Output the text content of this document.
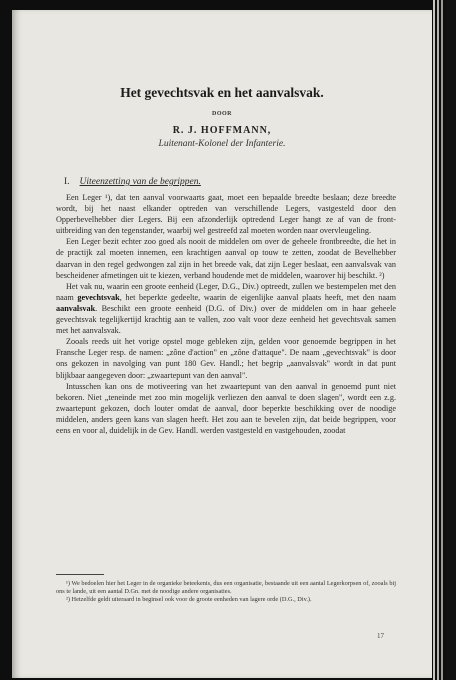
Het gevechtsvak en het aanvalsvak.
DOOR
R. J. HOFFMANN,
Luitenant-Kolonel der Infanterie.
I. Uiteenzetting van de begrippen.

Een Leger ¹), dat ten aanval voorwaarts gaat, moet een bepaalde breedte beslaan; deze breedte wordt, bij het naast elkander optreden van verschillende Legers, vastgesteld door den Opperbevelhebber dier Legers. Bij een afzonderlijk optredend Leger hangt ze af van de front-uitbreiding van den tegenstander, waarbij wel gestreefd zal moeten worden naar overvleugeling.

Een Leger bezit echter zoo goed als nooit de middelen om over de geheele frontbreedte, die het in de practijk zal moeten innemen, een krachtigen aanval op touw te zetten, zoodat de Bevelhebber daarvan in den regel gedwongen zal zijn in het breede vak, dat zijn Leger beslaat, een aanvalsvak van bescheidener afmetingen uit te kiezen, verband houdende met de middelen, waarover hij beschikt. ²)

Het vak nu, waarin een groote eenheid (Leger, D.G., Div.) optreedt, zullen we bestempelen met den naam gevechtsvak, het beperkte gedeelte, waarin de eigenlijke aanval plaats heeft, met den naam aanvalsvak. Beschikt een groote eenheid (D.G. of Div.) over de middelen om in haar geheele gevechtsvak tegelijkertijd krachtig aan te vallen, zoo valt voor deze eenheid het gevechtsvak samen met het aanvalsvak.

Zooals reeds uit het vorige opstel moge gebleken zijn, gelden voor genoemde begrippen in het Fransche Leger resp. de namen: „zône d'action" en „zône d'attaque". De naam „gevechtsvak" is door ons gekozen in navolging van punt 180 Gev. Handl.; het begrip „aanvalsvak" wordt in dat punt blijkbaar aangegeven door: „zwaartepunt van den aanval".

Intusschen kan ons de motiveering van het zwaartepunt van den aanval in genoemd punt niet bekoren. Niet „teneinde met zoo min mogelijk verliezen den aanval te doen slagen", wordt een z.g. zwaartepunt gekozen, doch louter omdat de aanval, door beperkte beschikking over de noodige middelen, anders geen kans van slagen heeft. Het zou aan te bevelen zijn, dat beide begrippen, voor eens en voor al, duidelijk in de Gev. Handl. werden vastgesteld en vastgehouden, zoodat

¹) We bedoelen hier het Leger in de organieke beteekenis, dus een organisatie, bestaande uit een aantal Legerkorpsen of, zooals bij ons te lande, uit een aantal D.Gn. met de noodige andere organisaties.

²) Hetzelfde geldt uiteraard in beginsel ook voor de groote eenheden van lagere orde (D.G., Div.).

17
